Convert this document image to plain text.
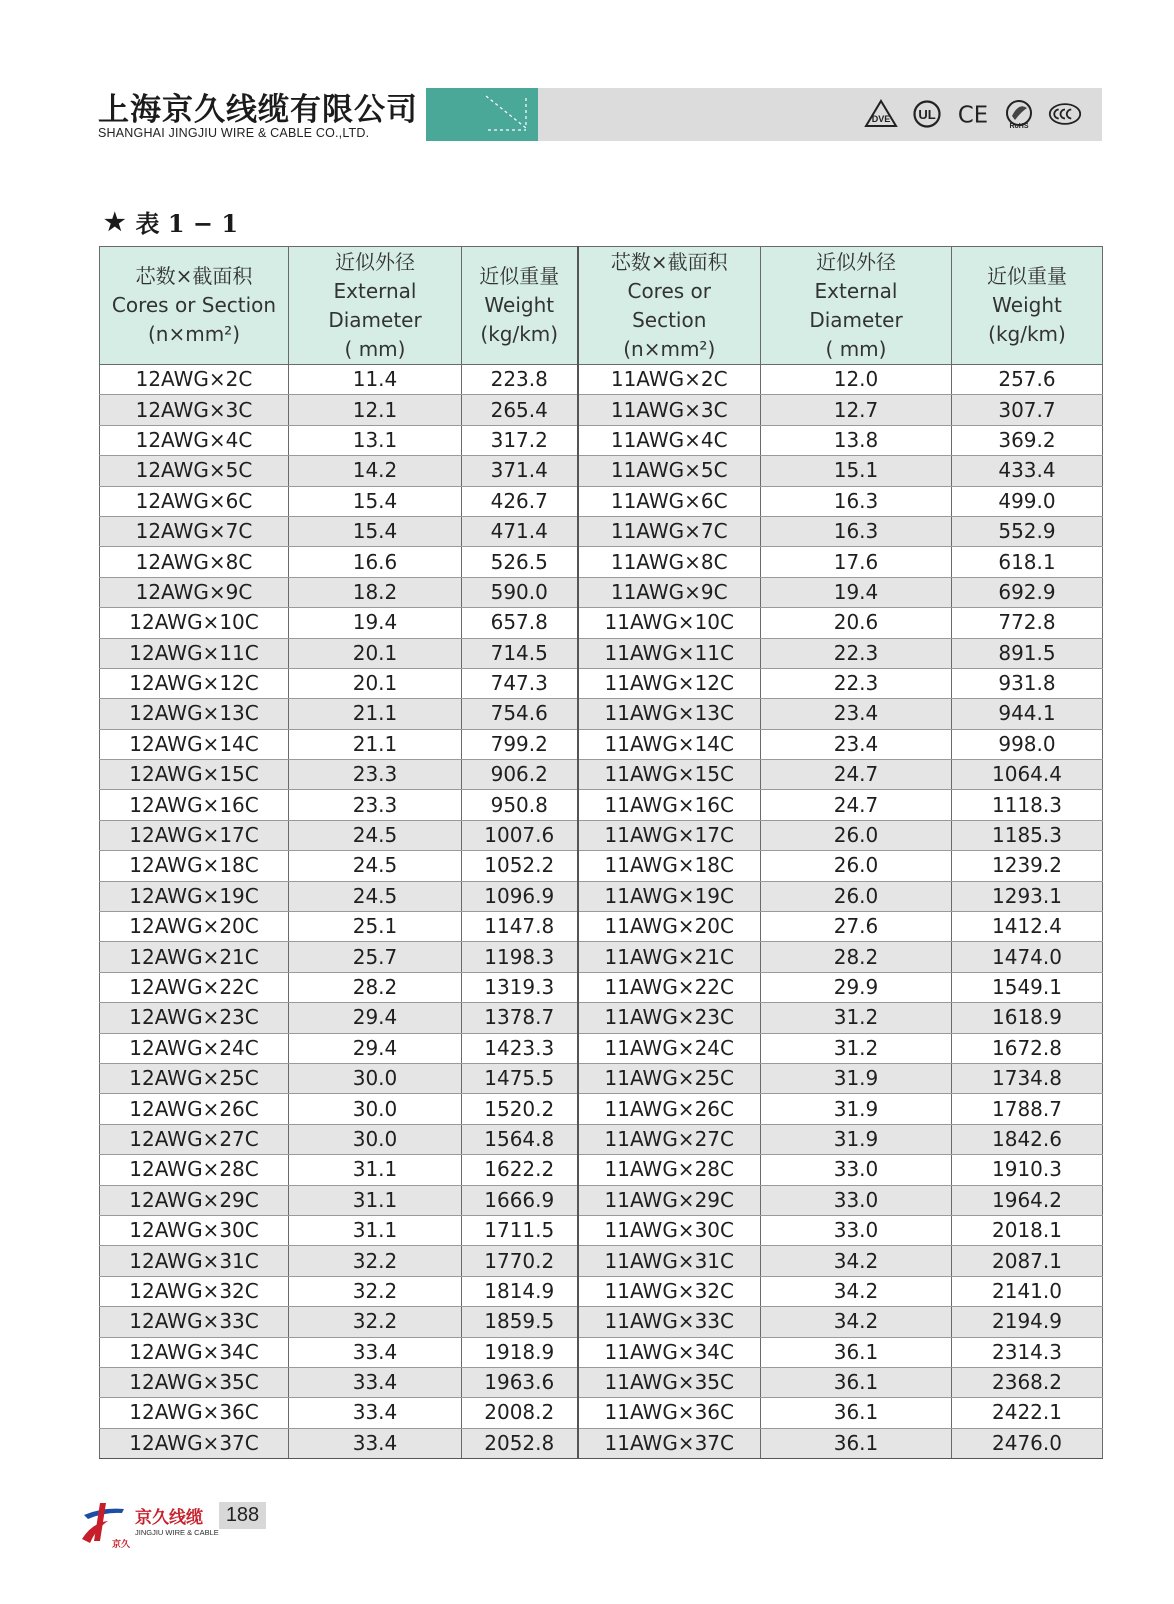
上海京久线缆有限公司
SHANGHAI JINGJIU WIRE & CABLE CO.,LTD.
DVE UL CE	RoHS
★ 表 1 − 1
芯数×截面积
Cores or Section
(n×mm²)	近似外径
External
Diameter
( mm)	近似重量
Weight
(kg/km)	芯数×截面积
Cores or
Section
(n×mm²)	近似外径
External
Diameter
( mm)	近似重量
Weight
(kg/km)

12AWG×2C	11.4	223.8	11AWG×2C	12.0	257.6
12AWG×3C	12.1	265.4	11AWG×3C	12.7	307.7
12AWG×4C	13.1	317.2	11AWG×4C	13.8	369.2
12AWG×5C	14.2	371.4	11AWG×5C	15.1	433.4
12AWG×6C	15.4	426.7	11AWG×6C	16.3	499.0
12AWG×7C	15.4	471.4	11AWG×7C	16.3	552.9
12AWG×8C	16.6	526.5	11AWG×8C	17.6	618.1
12AWG×9C	18.2	590.0	11AWG×9C	19.4	692.9
12AWG×10C	19.4	657.8	11AWG×10C	20.6	772.8
12AWG×11C	20.1	714.5	11AWG×11C	22.3	891.5
12AWG×12C	20.1	747.3	11AWG×12C	22.3	931.8
12AWG×13C	21.1	754.6	11AWG×13C	23.4	944.1
12AWG×14C	21.1	799.2	11AWG×14C	23.4	998.0
12AWG×15C	23.3	906.2	11AWG×15C	24.7	1064.4
12AWG×16C	23.3	950.8	11AWG×16C	24.7	1118.3
12AWG×17C	24.5	1007.6	11AWG×17C	26.0	1185.3
12AWG×18C	24.5	1052.2	11AWG×18C	26.0	1239.2
12AWG×19C	24.5	1096.9	11AWG×19C	26.0	1293.1
12AWG×20C	25.1	1147.8	11AWG×20C	27.6	1412.4
12AWG×21C	25.7	1198.3	11AWG×21C	28.2	1474.0
12AWG×22C	28.2	1319.3	11AWG×22C	29.9	1549.1
12AWG×23C	29.4	1378.7	11AWG×23C	31.2	1618.9
12AWG×24C	29.4	1423.3	11AWG×24C	31.2	1672.8
12AWG×25C	30.0	1475.5	11AWG×25C	31.9	1734.8
12AWG×26C	30.0	1520.2	11AWG×26C	31.9	1788.7
12AWG×27C	30.0	1564.8	11AWG×27C	31.9	1842.6
12AWG×28C	31.1	1622.2	11AWG×28C	33.0	1910.3
12AWG×29C	31.1	1666.9	11AWG×29C	33.0	1964.2
12AWG×30C	31.1	1711.5	11AWG×30C	33.0	2018.1
12AWG×31C	32.2	1770.2	11AWG×31C	34.2	2087.1
12AWG×32C	32.2	1814.9	11AWG×32C	34.2	2141.0
12AWG×33C	32.2	1859.5	11AWG×33C	34.2	2194.9
12AWG×34C	33.4	1918.9	11AWG×34C	36.1	2314.3
12AWG×35C	33.4	1963.6	11AWG×35C	36.1	2368.2
12AWG×36C	33.4	2008.2	11AWG×36C	36.1	2422.1
12AWG×37C	33.4	2052.8	11AWG×37C	36.1	2476.0
京久
京久线缆
JINGJIU WIRE & CABLE
188
